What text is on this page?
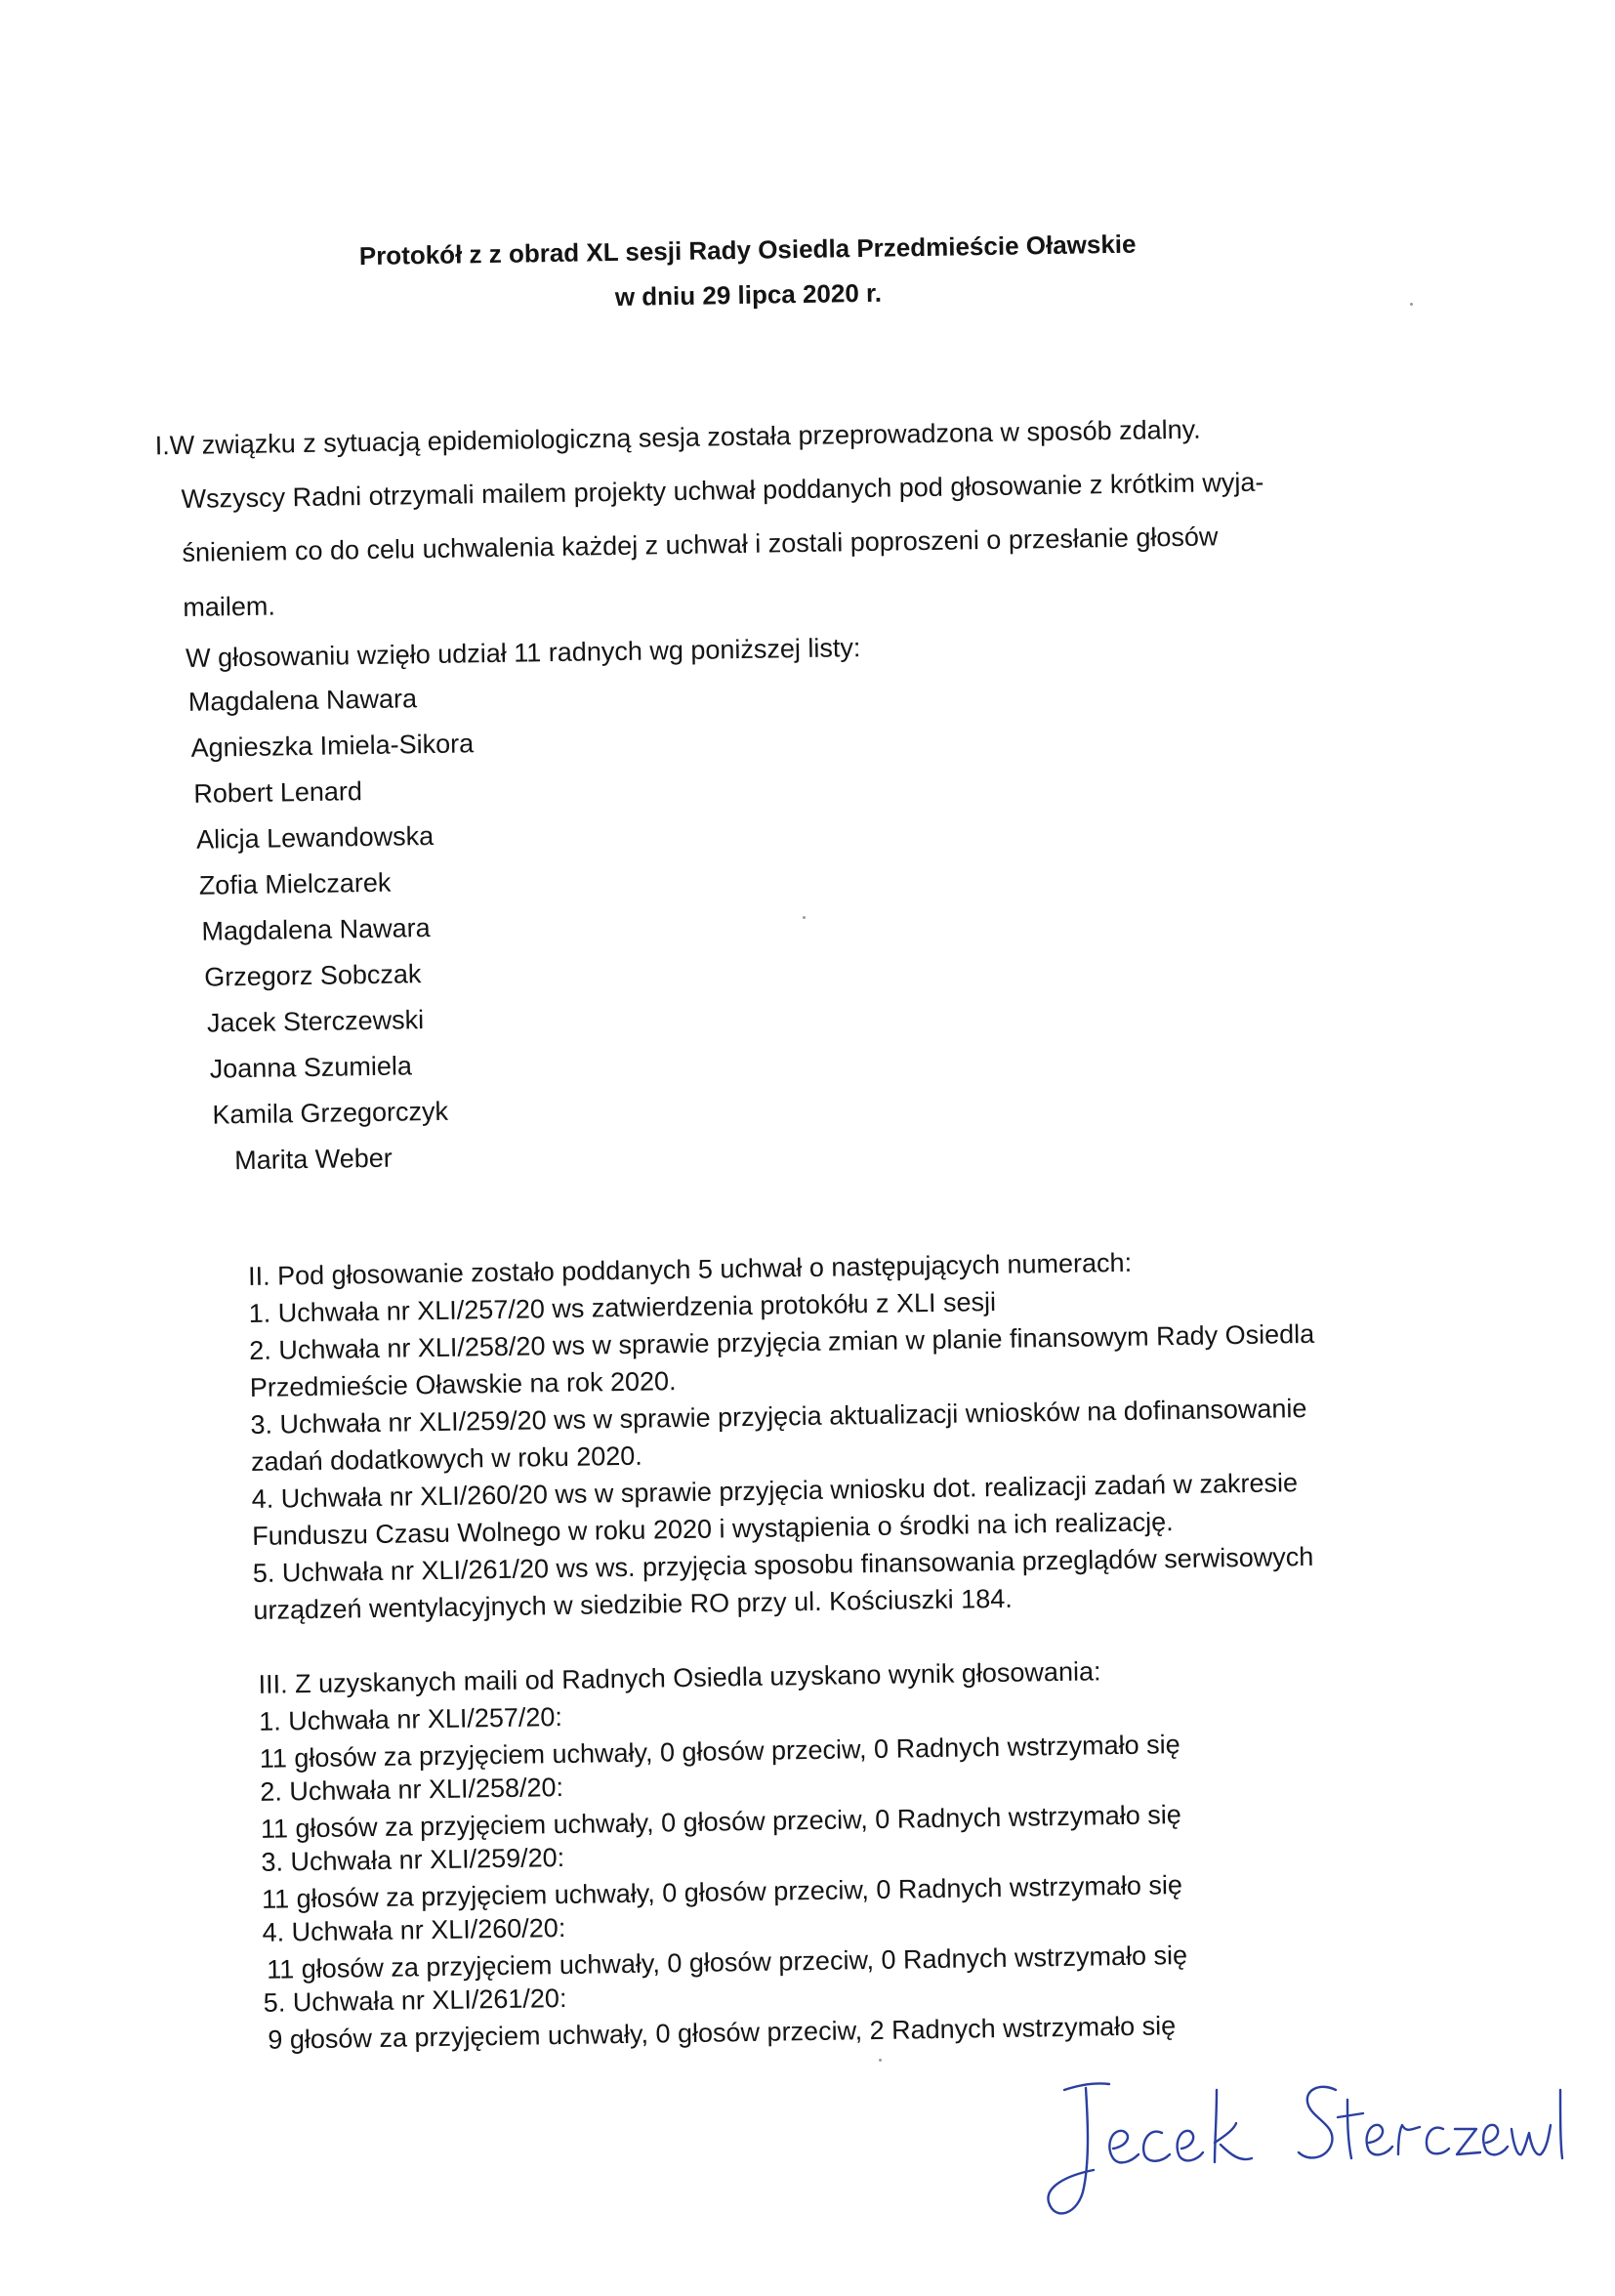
Protokół z z obrad XL sesji Rady Osiedla Przedmieście Oławskie
w dniu 29 lipca 2020 r.
I.W związku z sytuacją epidemiologiczną sesja została przeprowadzona w sposób zdalny.
Wszyscy Radni otrzymali mailem projekty uchwał poddanych pod głosowanie z krótkim wyja-
śnieniem co do celu uchwalenia każdej z uchwał i zostali poproszeni o przesłanie głosów
mailem.
W głosowaniu wzięło udział 11 radnych wg poniższej listy:
Magdalena Nawara
Agnieszka Imiela-Sikora
Robert Lenard
Alicja Lewandowska
Zofia Mielczarek
Magdalena Nawara
Grzegorz Sobczak
Jacek Sterczewski
Joanna Szumiela
Kamila Grzegorczyk
Marita Weber
II. Pod głosowanie zostało poddanych 5 uchwał o następujących numerach:
1. Uchwała nr XLI/257/20 ws zatwierdzenia protokółu z XLI sesji
2. Uchwała nr XLI/258/20 ws w sprawie przyjęcia zmian w planie finansowym Rady Osiedla
Przedmieście Oławskie na rok 2020.
3. Uchwała nr XLI/259/20 ws w sprawie przyjęcia aktualizacji wniosków na dofinansowanie
zadań dodatkowych w roku 2020.
4. Uchwała nr XLI/260/20 ws w sprawie przyjęcia wniosku dot. realizacji zadań w zakresie
Funduszu Czasu Wolnego w roku 2020 i wystąpienia o środki na ich realizację.
5. Uchwała nr XLI/261/20 ws ws. przyjęcia sposobu finansowania przeglądów serwisowych
urządzeń wentylacyjnych w siedzibie RO przy ul. Kościuszki 184.
III. Z uzyskanych maili od Radnych Osiedla uzyskano wynik głosowania:
1. Uchwała nr XLI/257/20:
11 głosów za przyjęciem uchwały, 0 głosów przeciw, 0 Radnych wstrzymało się
2. Uchwała nr XLI/258/20:
11 głosów za przyjęciem uchwały, 0 głosów przeciw, 0 Radnych wstrzymało się
3. Uchwała nr XLI/259/20:
11 głosów za przyjęciem uchwały, 0 głosów przeciw, 0 Radnych wstrzymało się
4. Uchwała nr XLI/260/20:
11 głosów za przyjęciem uchwały, 0 głosów przeciw, 0 Radnych wstrzymało się
5. Uchwała nr XLI/261/20:
9 głosów za przyjęciem uchwały, 0 głosów przeciw, 2 Radnych wstrzymało się
